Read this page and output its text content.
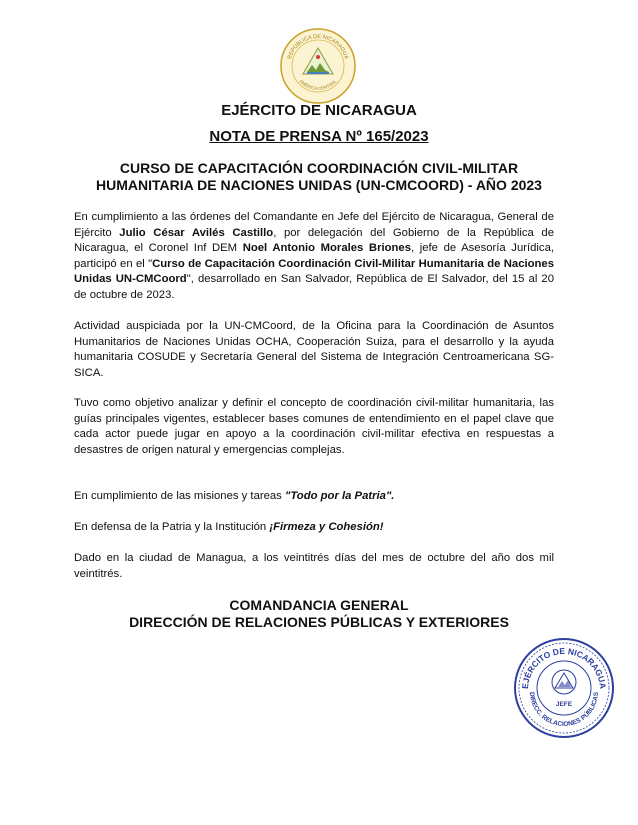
REPÚBLICA DE NICARAGUA
AMÉRICA CENTRAL
EJÉRCITO DE NICARAGUA
NOTA DE PRENSA Nº 165/2023
CURSO DE CAPACITACIÓN COORDINACIÓN CIVIL-MILITAR
HUMANITARIA DE NACIONES UNIDAS (UN-CMCOORD) - AÑO 2023
En cumplimiento a las órdenes del Comandante en Jefe del Ejército de Nicaragua, General de Ejército Julio César Avilés Castillo, por delegación del Gobierno de la República de Nicaragua, el Coronel Inf DEM Noel Antonio Morales Briones, jefe de Asesoría Jurídica, participó en el "Curso de Capacitación Coordinación Civil-Militar Humanitaria de Naciones Unidas UN-CMCoord", desarrollado en San Salvador, República de El Salvador, del 15 al 20 de octubre de 2023.
Actividad auspiciada por la UN-CMCoord, de la Oficina para la Coordinación de Asuntos Humanitarios de Naciones Unidas OCHA, Cooperación Suiza, para el desarrollo y la ayuda humanitaria COSUDE y Secretaría General del Sistema de Integración Centroamericana SG-SICA.
Tuvo como objetivo analizar y definir el concepto de coordinación civil-militar humanitaria, las guías principales vigentes, establecer bases comunes de entendimiento en el papel clave que cada actor puede jugar en apoyo a la coordinación civil-militar efectiva en respuestas a desastres de origen natural y emergencias complejas.
En cumplimiento de las misiones y tareas "Todo por la Patria".
En defensa de la Patria y la Institución ¡Firmeza y Cohesión!
Dado en la ciudad de Managua, a los veintitrés días del mes de octubre del año dos mil veintitrés.
COMANDANCIA GENERAL
DIRECCIÓN DE RELACIONES PÚBLICAS Y EXTERIORES
EJÉRCITO DE NICARAGUA
DIRECC. RELACIONES PÚBLICAS
JEFE
